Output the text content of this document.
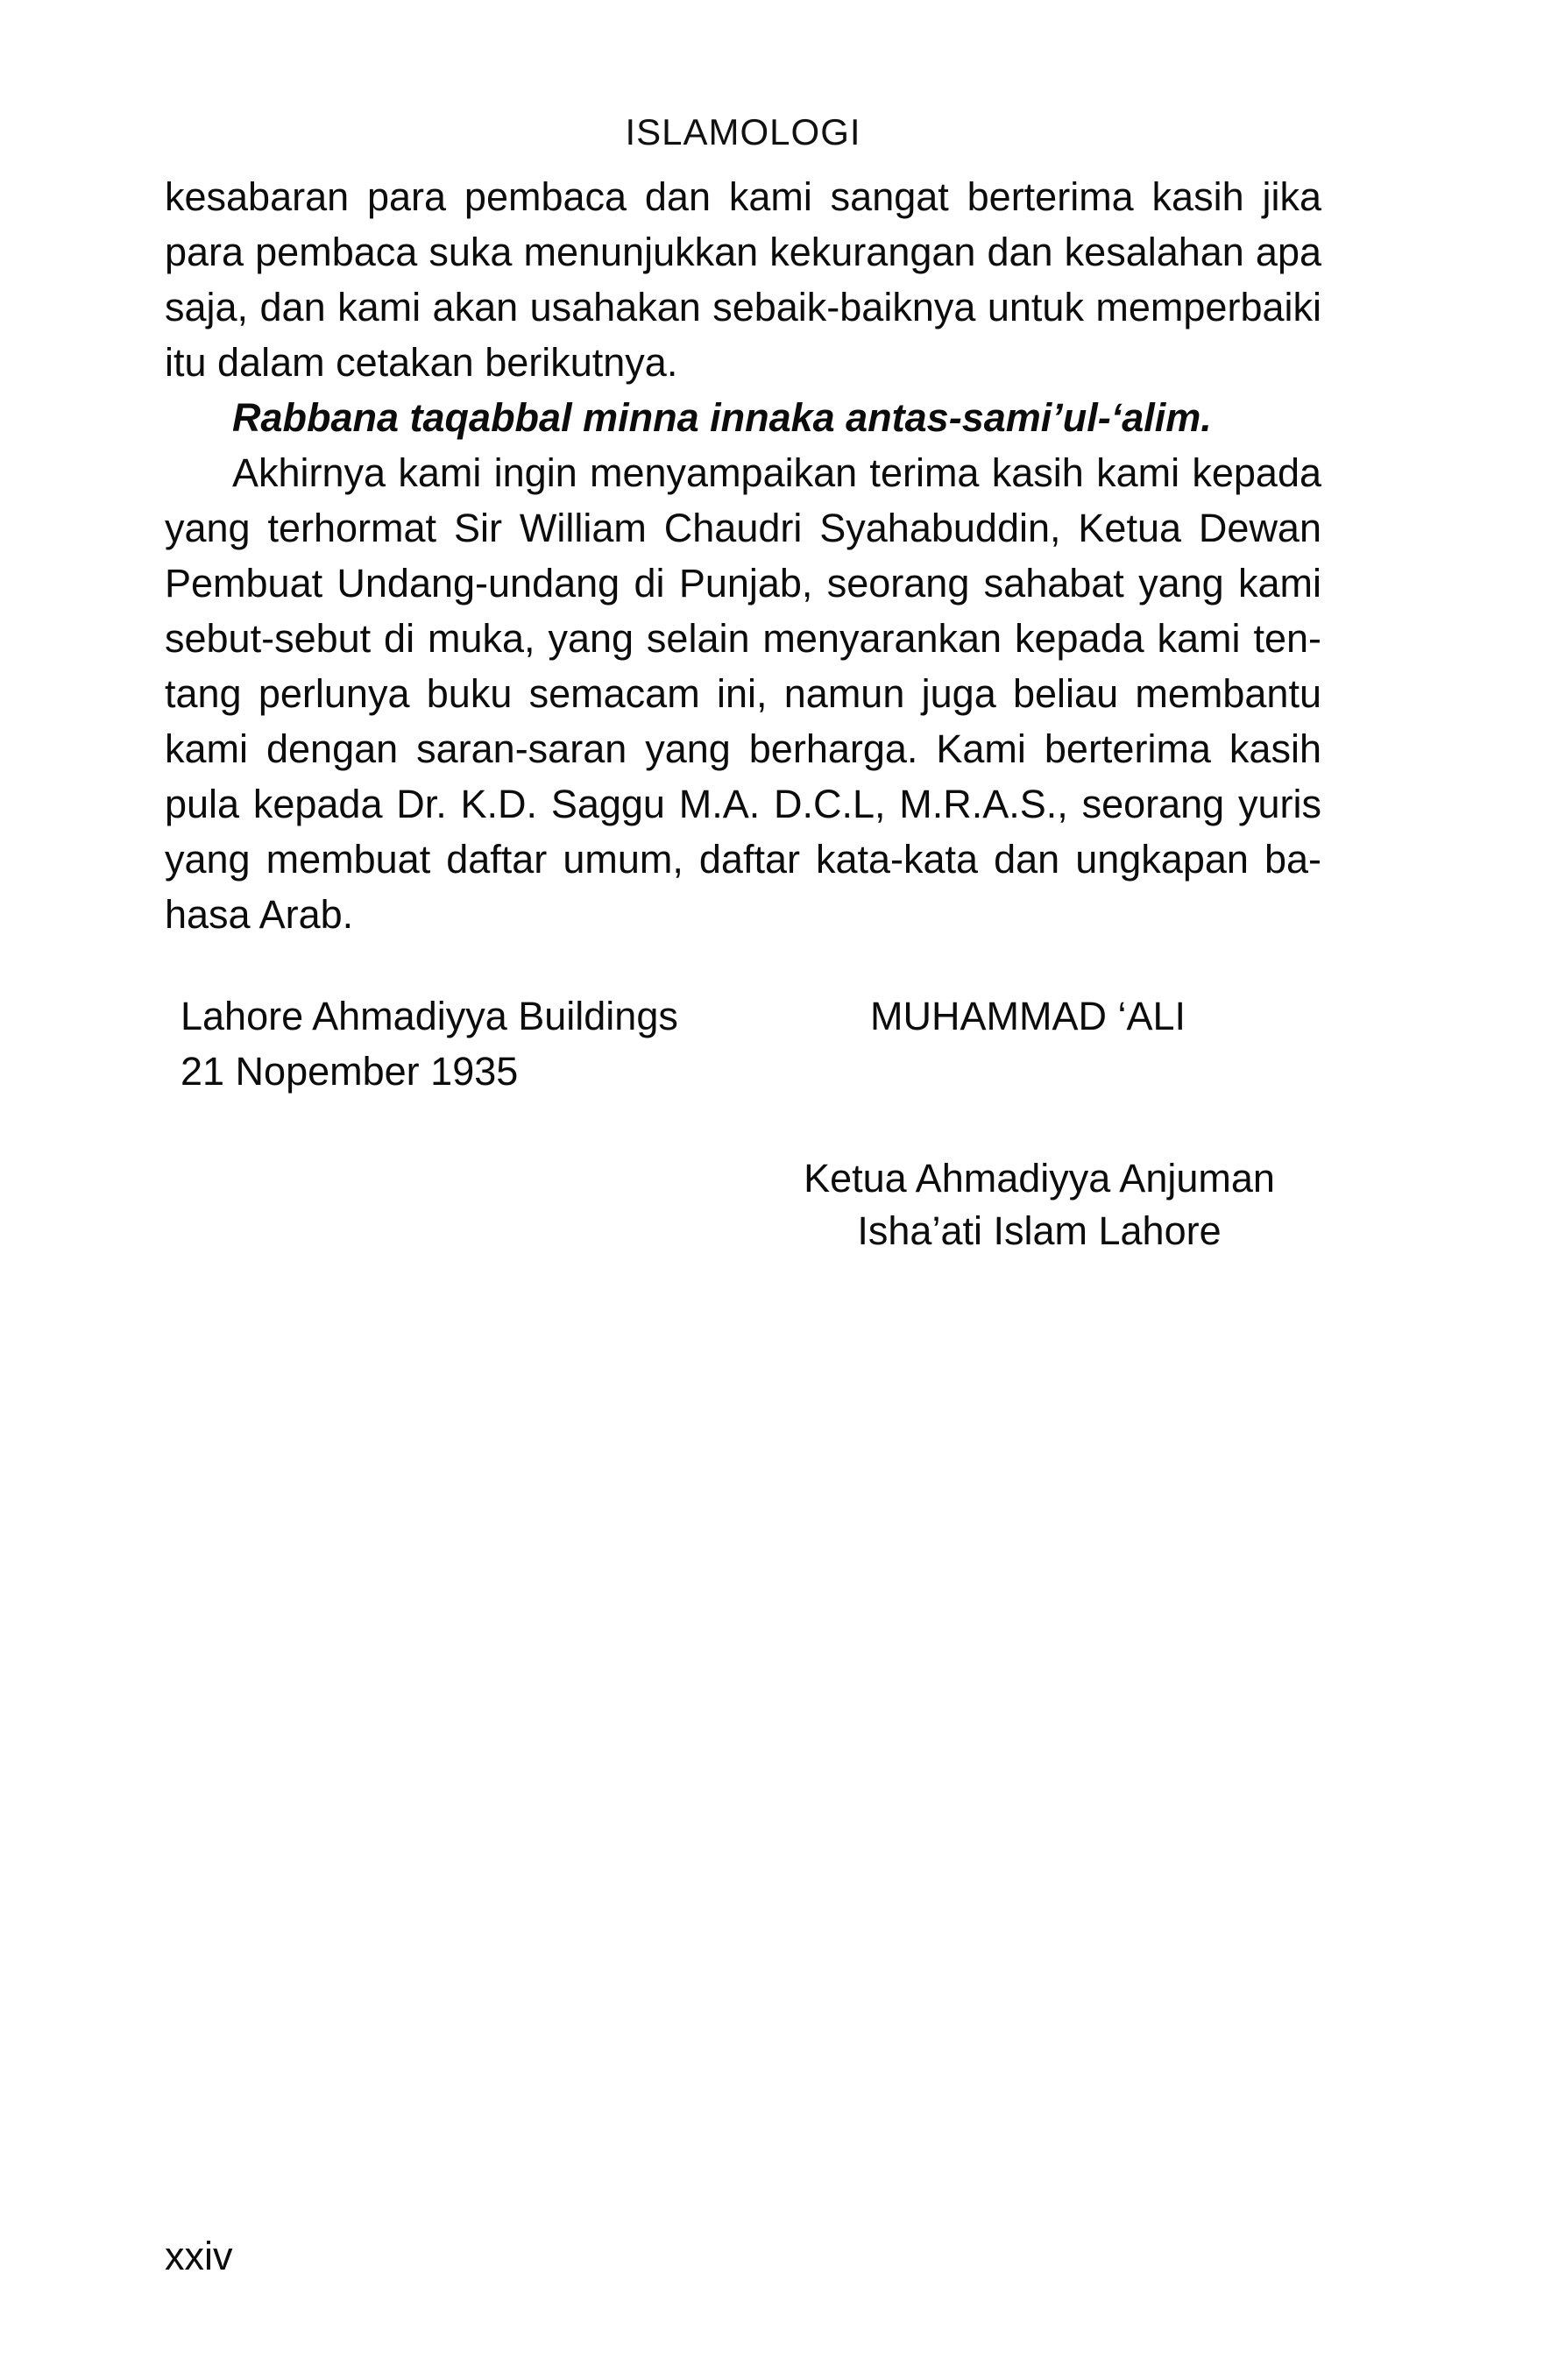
ISLAMOLOGI
kesabaran para pembaca dan kami sangat berterima kasih jika
para pembaca suka menunjukkan kekurangan dan kesalahan apa
saja, dan kami akan usahakan sebaik-baiknya untuk memperbaiki
itu dalam cetakan berikutnya.
Rabbana taqabbal minna innaka antas-sami’ul-‘alim.
Akhirnya kami ingin menyampaikan terima kasih kami kepada
yang terhormat Sir William Chaudri Syahabuddin, Ketua Dewan
Pembuat Undang-undang di Punjab, seorang sahabat yang kami
sebut-sebut di muka, yang selain menyarankan kepada kami ten-
tang perlunya buku semacam ini, namun juga beliau membantu
kami dengan saran-saran yang berharga. Kami berterima kasih
pula kepada Dr. K.D. Saggu M.A. D.C.L, M.R.A.S., seorang yuris
yang membuat daftar umum, daftar kata-kata dan ungkapan ba-
hasa Arab.
Lahore Ahmadiyya Buildings	MUHAMMAD ‘ALI
21 Nopember 1935
Ketua Ahmadiyya Anjuman
Isha’ati Islam Lahore
xxiv
